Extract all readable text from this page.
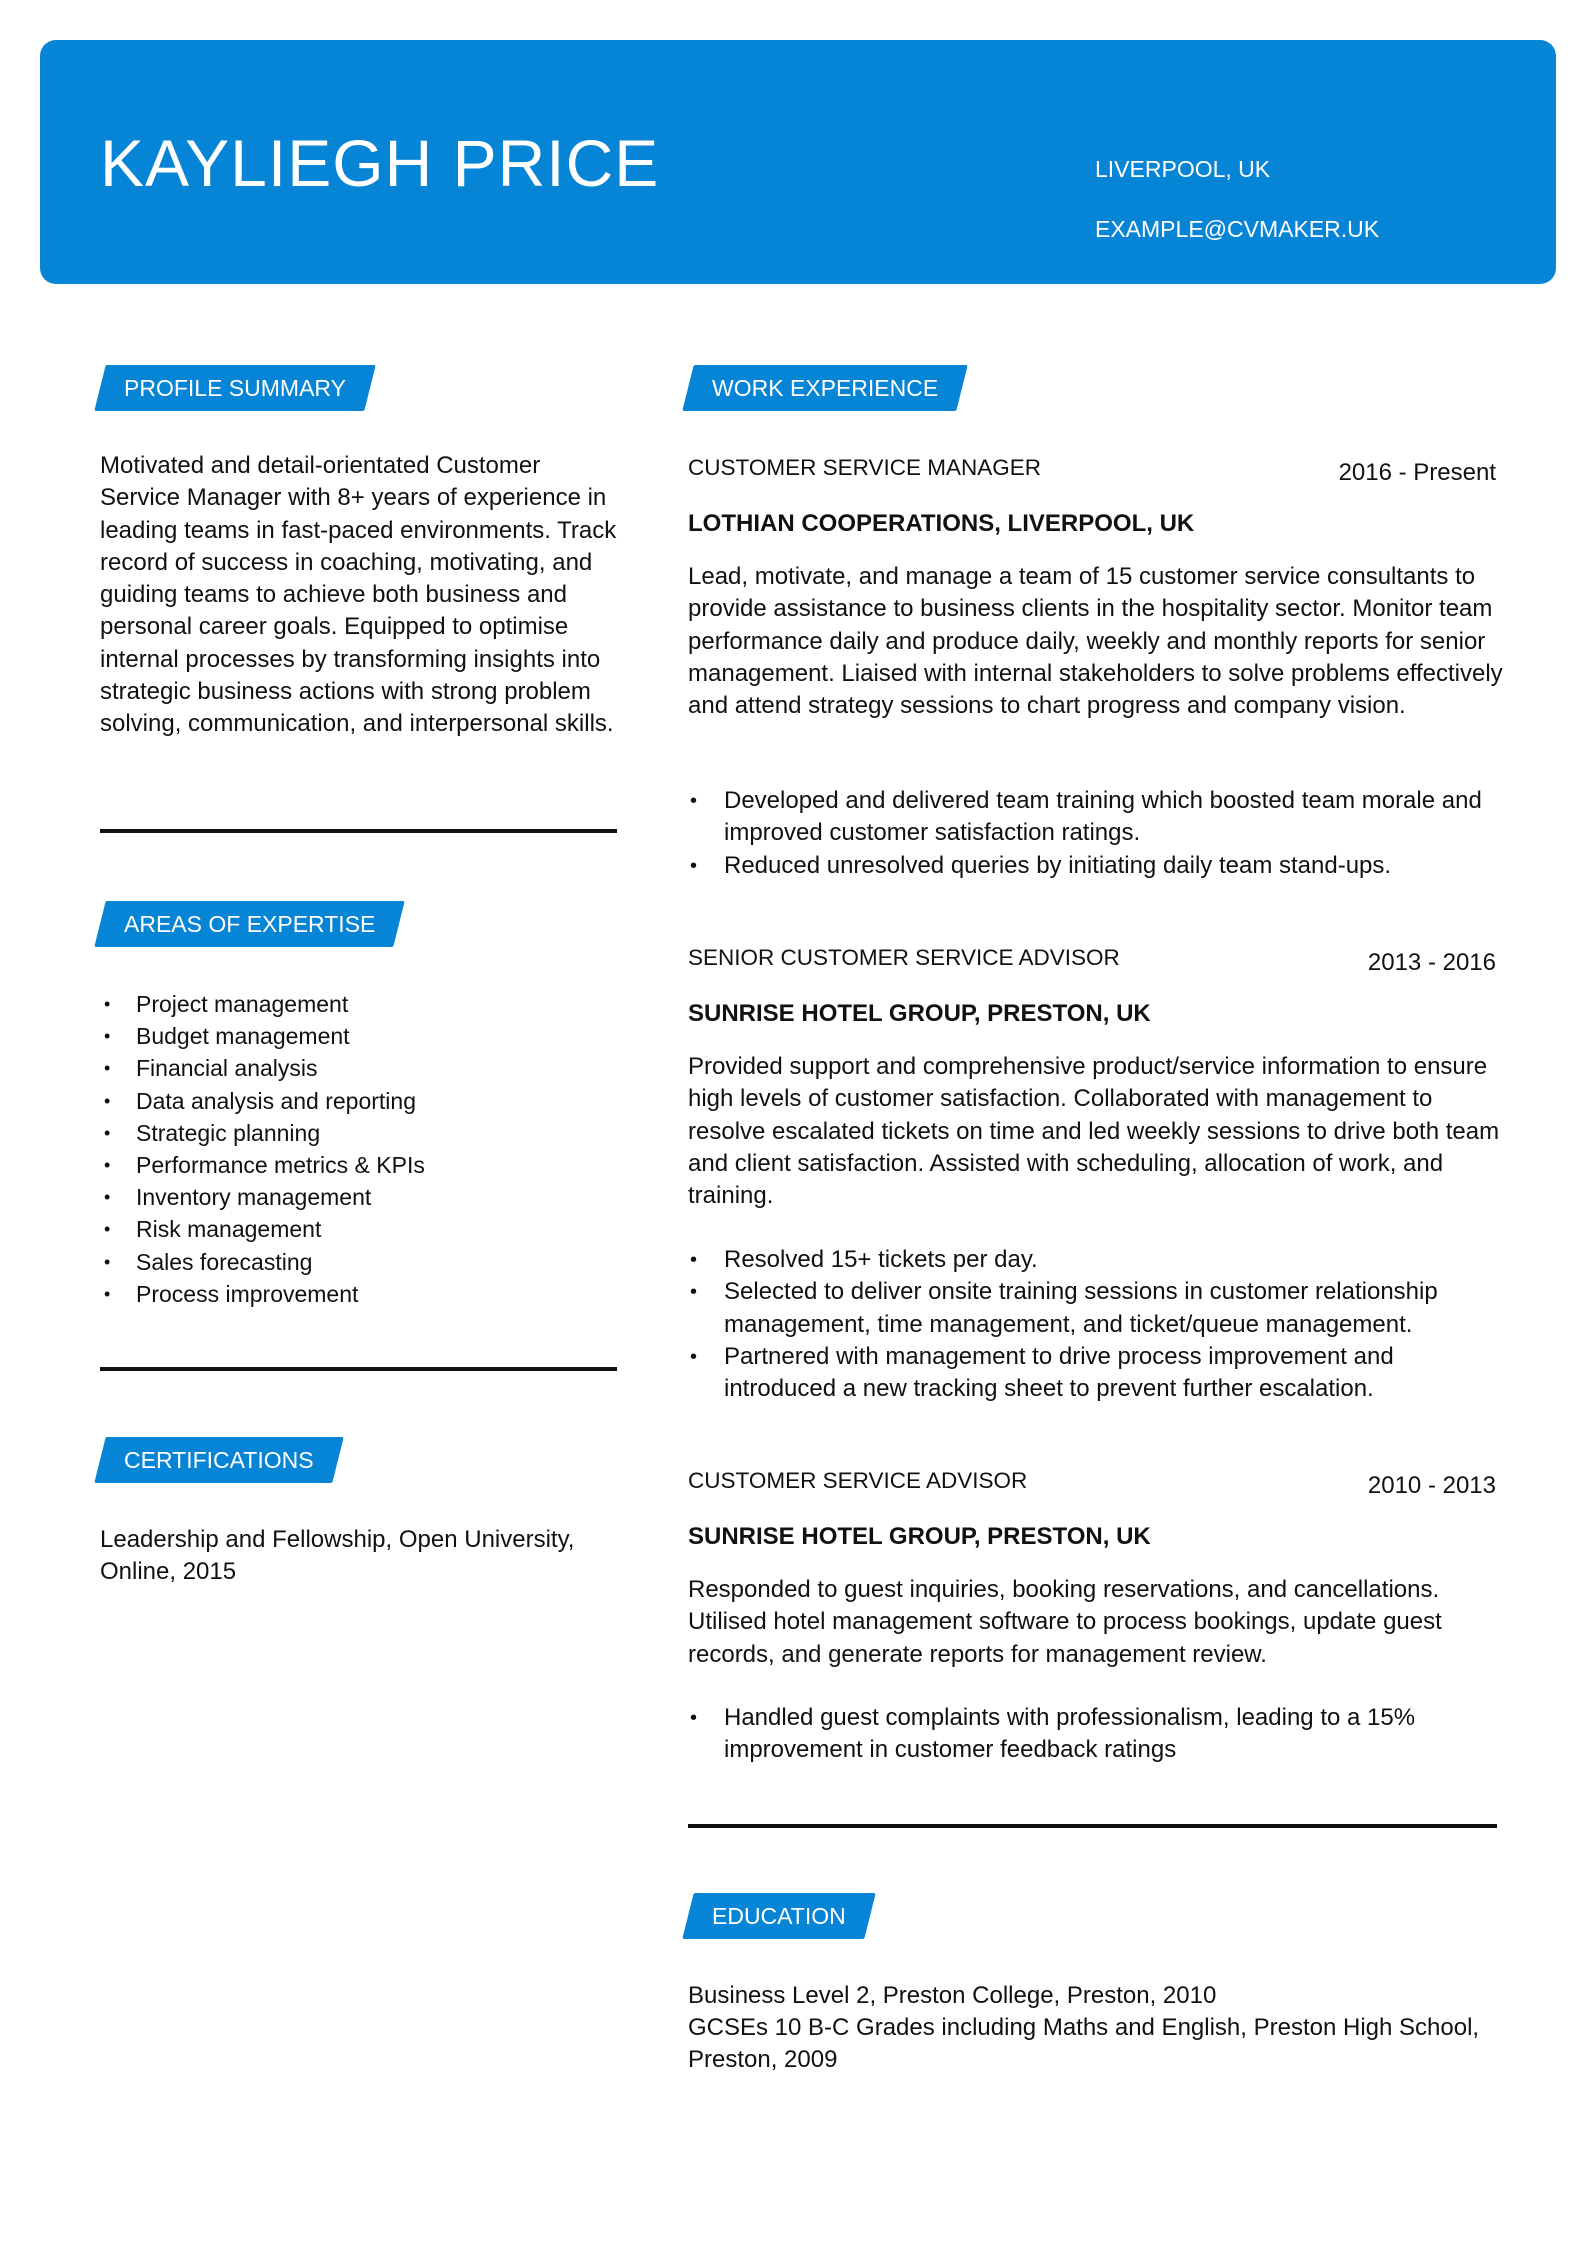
KAYLIEGH PRICE	LIVERPOOL, UK
EXAMPLE@CVMAKER.UK
PROFILE SUMMARY
Motivated and detail-orientated Customer Service Manager with 8+ years of experience in leading teams in fast-paced environments. Track record of success in coaching, motivating, and guiding teams to achieve both business and personal career goals. Equipped to optimise internal processes by transforming insights into strategic business actions with strong problem solving, communication, and interpersonal skills.
AREAS OF EXPERTISE
• Project management
• Budget management
• Financial analysis
• Data analysis and reporting
• Strategic planning
• Performance metrics & KPIs
• Inventory management
• Risk management
• Sales forecasting
• Process improvement
CERTIFICATIONS
Leadership and Fellowship, Open University, Online, 2015
WORK EXPERIENCE
CUSTOMER SERVICE MANAGER	2016 - Present
LOTHIAN COOPERATIONS, LIVERPOOL, UK
Lead, motivate, and manage a team of 15 customer service consultants to provide assistance to business clients in the hospitality sector. Monitor team performance daily and produce daily, weekly and monthly reports for senior management. Liaised with internal stakeholders to solve problems effectively and attend strategy sessions to chart progress and company vision.
• Developed and delivered team training which boosted team morale and improved customer satisfaction ratings.
• Reduced unresolved queries by initiating daily team stand-ups.
SENIOR CUSTOMER SERVICE ADVISOR	2013 - 2016
SUNRISE HOTEL GROUP, PRESTON, UK
Provided support and comprehensive product/service information to ensure high levels of customer satisfaction. Collaborated with management to resolve escalated tickets on time and led weekly sessions to drive both team and client satisfaction. Assisted with scheduling, allocation of work, and training.
• Resolved 15+ tickets per day.
• Selected to deliver onsite training sessions in customer relationship management, time management, and ticket/queue management.
• Partnered with management to drive process improvement and introduced a new tracking sheet to prevent further escalation.
CUSTOMER SERVICE ADVISOR	2010 - 2013
SUNRISE HOTEL GROUP, PRESTON, UK
Responded to guest inquiries, booking reservations, and cancellations. Utilised hotel management software to process bookings, update guest records, and generate reports for management review.
• Handled guest complaints with professionalism, leading to a 15% improvement in customer feedback ratings
EDUCATION
Business Level 2, Preston College, Preston, 2010
GCSEs 10 B-C Grades including Maths and English, Preston High School, Preston, 2009
